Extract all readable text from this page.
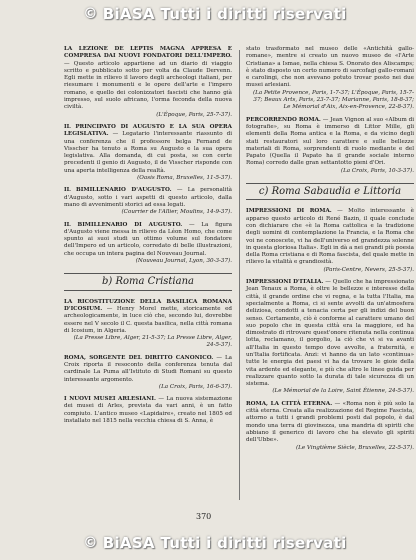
© BiASA Tutti i diritti riservati
LA LEZIONE DE LEPTIS MAGNA APPRESA E COMPRESA DAI NUOVI FONDATORI DELL'IMPERO. — Questo articolo appartiene ad un diario di viaggio scritto e pubblicato sotto per volta da Claude Dervenn. Egli mette in rilievo il lavoro degli archeologi italiani, per riesumare i monumenti e le opere dell'arte e l'impero romano, e quello dei colonizzatori fascisti che hanno già impresso, sul suolo africano, l'orma feconda della nuova civiltà.
(L'Époque, Paris, 25-7-37).
IL PRINCIPATO DI AUGUSTO E LA SUA OPERA LEGISLATIVA. — Legatario l'interessante riassunto di una conferenza che il professore belga Fernand de Visscher ha tenuto a Roma su Augusto e la sua opera legislativa. Alla domanda, di cui posta, se con certe precedenti il genio di Augusto, il de Visscher risponde con una aperta intelligenza della realtà.
(Oasis Roma, Bruxelles, 11-5-37).
IL BIMILLENARIO D'AUGUSTO. — La personalità d'Augusto, sotto i vari aspetti di questo articolo, dalla mano di avvenimenti storici ad essa legati.
(Courrier de l'Allier, Moulins, 14-9-37).
IL BIMILLENARIO DI AUGUSTO. — La figura d'Augusto viene messa in rilievo da Léon Homo, che come spunto ai suoi studi un ottimo volume sul fondatore dell'Impero ed un articolo, corredato di belle illustrazioni, che occupa un intera pagina del Nouveau Journal.
(Nouveau Journal, Lyon, 30-3-37).
b) Roma Cristiana
LA RICOSTITUZIONE DELLA BASILICA ROMANA D'ICOSIUM. — Henry Morel mette, storicamente ed archeologicamente, in luce ciò che, secondo lui, dovrebbe essere nel V secolo il C. questa basilica, nella città romana di Icosium, in Algeria.
(La Presse Libre, Alger, 21-5-37; La Presse Libre, Alger, 24-5-37).
ROMA, SORGENTE DEL DIRITTO CANONICO. — La Croix riporta il resoconto della conferenza tenuta dal cardinale La Puma all'Istituto di Studi Romani su questo interessante argomento.
(La Croix, Paris, 16-6-37).
I NUOVI MUSEI ARLESIANI. — La nuova sistemazione dei musei di Arles, prevista da vari anni, è un fatto compiuto. L'antico museo «Lapidaire», creato nel 1805 ed installato nel 1815 nella vecchia chiesa di S. Anna, è
stato trasformato nel museo delle «Antichità gallo-romane», mentre si creato un nuovo museo de «l'Arte Cristiana» a Ismae, nella chiesa S. Onorato des Aliscamps; è stato disposto un certo numero di sarcofagi gallo-romani e carolingi, che non avevano potuto trovar posto nei due musei arlesiani.
(La Petite Provence, Paris, 1-7-37; L'Époque, Paris, 15-7-37; Beaux Arts, Paris, 23-7-37; Marianne, Paris, 18-8-37; Le Mémorial d'Aix, Aix-en-Provence, 22-8-37).
PERCORRENDO ROMA. — Jean Vignon al suo «Album di fotografie», su Roma è immerso di Littor Mille, gli elementi della Roma antica e la Roma, e da vicino degli stati restauratori sul loro carattere e sulle bellezze materiali di Roma, sorprendenti di ruolo mediante e del Papato (Quella il Papato ha il grande sociale interno Roma) corredo dalle gran settantotto pieni d'Ori.
(La Croix, Paris, 10-3-37).
c) Roma Sabaudia e Littoria
IMPRESSIONI DI ROMA. — Molto interessante è apparso questo articolo di René Bazin, il quale conclude con dichiarare che «è la Roma cattolica e la tradizione degli uomini di contemplazione la Francia, e la Roma che voi ne conoscete, vi ha dell'universo ed grandezza solenne in questa gloriosa Italia». Egli in dà a nei grandi più poesia della Roma cristiana e di Roma fascista, del quale mette in rilievo la vitalità e grandiosità.
(Paris-Centre, Nevers, 25-5-37).
IMPRESSIONI D'ITALIA. — Quello che ha impressionato Jean Tenaux a Roma, è oltre le bellezze e interesse della città, il grande ordine che vi regna, e la tutta l'Italia, ma specialmente a Roma, ci si sente avvolti da un'atmosfera deliziosa, condotti a tenacia certa per gli indizi del buon senso. Certamente, ciò è conforme al carattere umano del suo popolo che in questa città era la maggiore, ed ha dimostrato di ritrovare quest'onore ritenuta nella continua lotta, reclamano, il gorgolio, la ciò che vi si va avanti all'Italia in questo tempo dove avvolte, a fraternità, e un'Italia fortificata. Anzi: vi hanno da un lato «continua» tutte le energia dei paesi vi ha da trovare le gioie della vita ardente ed elegante, e più che altro le linee guida per realizzare quanto sotto la durata di tale sicurezza di un sistema.
(Le Mémorial de la Loire, Saint Étienne, 24-5-37).
ROMA, LA CITTÀ ETERNA. — «Roma non è più solo la città eterna. Creata alla realizzazione del Regime Fascista, attorno a tutti i grandi problemi posti dal popolo, è dal mondo una terra di giovinezza, una mandria di spiriti che abbiano il generico di lavoro che ha elevato gli spiriti dell'Ubbe».
(Le Vingtième Siècle, Bruxelles, 22-5-37).
370
© BiASA Tutti i diritti riservati
